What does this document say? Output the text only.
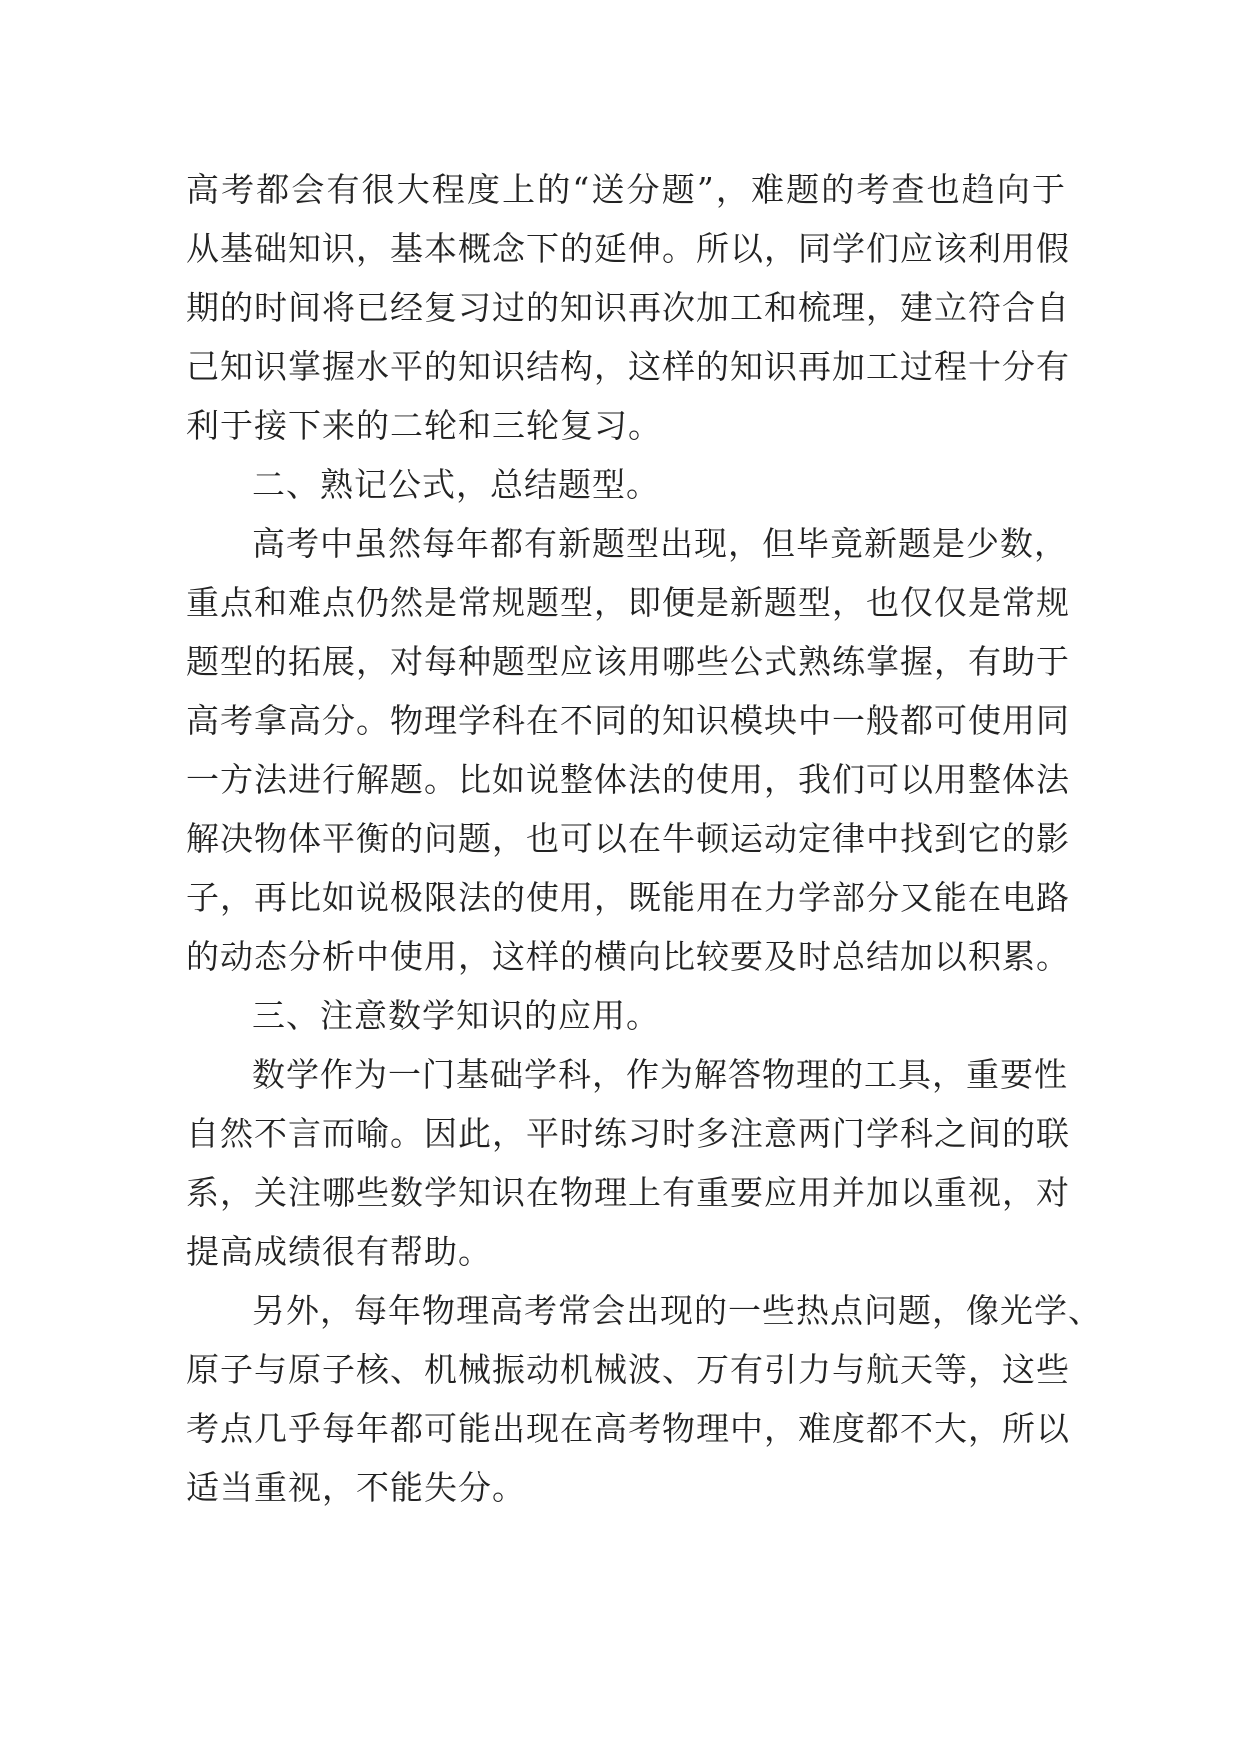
高考都会有很大程度上的“送分题”，难题的考查也趋向于
从基础知识，基本概念下的延伸。所以，同学们应该利用假
期的时间将已经复习过的知识再次加工和梳理，建立符合自
己知识掌握水平的知识结构，这样的知识再加工过程十分有
利于接下来的二轮和三轮复习。
二、熟记公式，总结题型。
高考中虽然每年都有新题型出现，但毕竟新题是少数，
重点和难点仍然是常规题型，即便是新题型，也仅仅是常规
题型的拓展，对每种题型应该用哪些公式熟练掌握，有助于
高考拿高分。物理学科在不同的知识模块中一般都可使用同
一方法进行解题。比如说整体法的使用，我们可以用整体法
解决物体平衡的问题，也可以在牛顿运动定律中找到它的影
子，再比如说极限法的使用，既能用在力学部分又能在电路
的动态分析中使用，这样的横向比较要及时总结加以积累。
三、注意数学知识的应用。
数学作为一门基础学科，作为解答物理的工具，重要性
自然不言而喻。因此，平时练习时多注意两门学科之间的联
系，关注哪些数学知识在物理上有重要应用并加以重视，对
提高成绩很有帮助。
另外，每年物理高考常会出现的一些热点问题，像光学、
原子与原子核、机械振动机械波、万有引力与航天等，这些
考点几乎每年都可能出现在高考物理中，难度都不大，所以
适当重视，不能失分。
